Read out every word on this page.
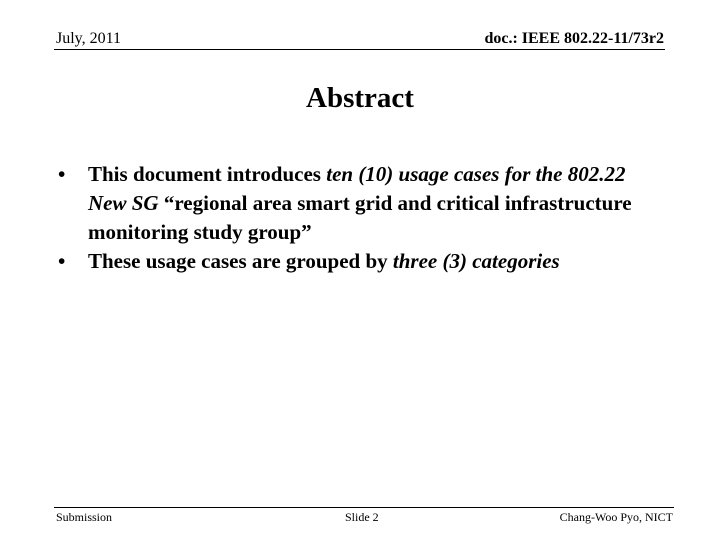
July, 2011	doc.: IEEE 802.22-11/73r2
Abstract
• This document introduces ten (10) usage cases for the 802.22 New SG “regional area smart grid and critical infrastructure monitoring study group”
• These usage cases are grouped by three (3) categories
Submission	Slide 2	Chang-Woo Pyo, NICT
